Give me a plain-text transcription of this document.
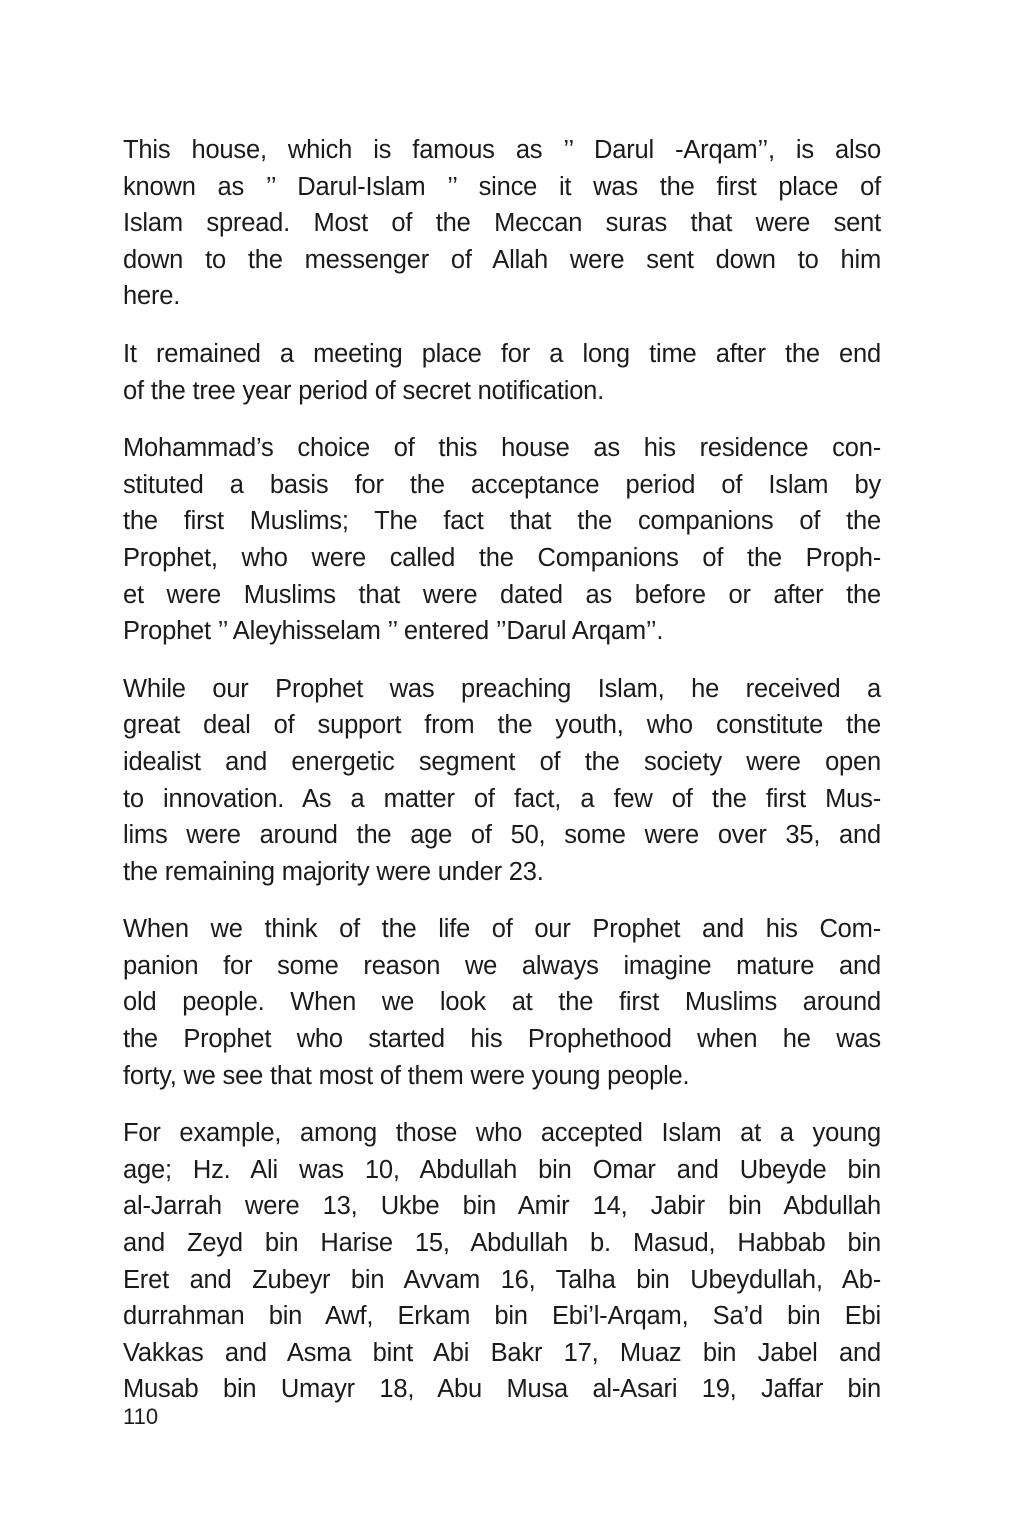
This house, which is famous as ’’ Darul -Arqam’’, is also
known as ’’ Darul-Islam ’’ since it was the first place of
Islam spread. Most of the Meccan suras that were sent
down to the messenger of Allah were sent down to him
here.
It remained a meeting place for a long time after the end
of the tree year period of secret notification.
Mohammad’s choice of this house as his residence con-
stituted a basis for the acceptance period of Islam by
the first Muslims; The fact that the companions of the
Prophet, who were called the Companions of the Proph-
et were Muslims that were dated as before or after the
Prophet ’’ Aleyhisselam ’’ entered ’’Darul Arqam’’.
While our Prophet was preaching Islam, he received a
great deal of support from the youth, who constitute the
idealist and energetic segment of the society were open
to innovation. As a matter of fact, a few of the first Mus-
lims were around the age of 50, some were over 35, and
the remaining majority were under 23.
When we think of the life of our Prophet and his Com-
panion for some reason we always imagine mature and
old people. When we look at the first Muslims around
the Prophet who started his Prophethood when he was
forty, we see that most of them were young people.
For example, among those who accepted Islam at a young
age; Hz. Ali was 10, Abdullah bin Omar and Ubeyde bin
al-Jarrah were 13, Ukbe bin Amir 14, Jabir bin Abdullah
and Zeyd bin Harise 15, Abdullah b. Masud, Habbab bin
Eret and Zubeyr bin Avvam 16, Talha bin Ubeydullah, Ab-
durrahman bin Awf, Erkam bin Ebi’l-Arqam, Sa’d bin Ebi
Vakkas and Asma bint Abi Bakr 17, Muaz bin Jabel and
Musab bin Umayr 18, Abu Musa al-Asari 19, Jaffar bin
110
